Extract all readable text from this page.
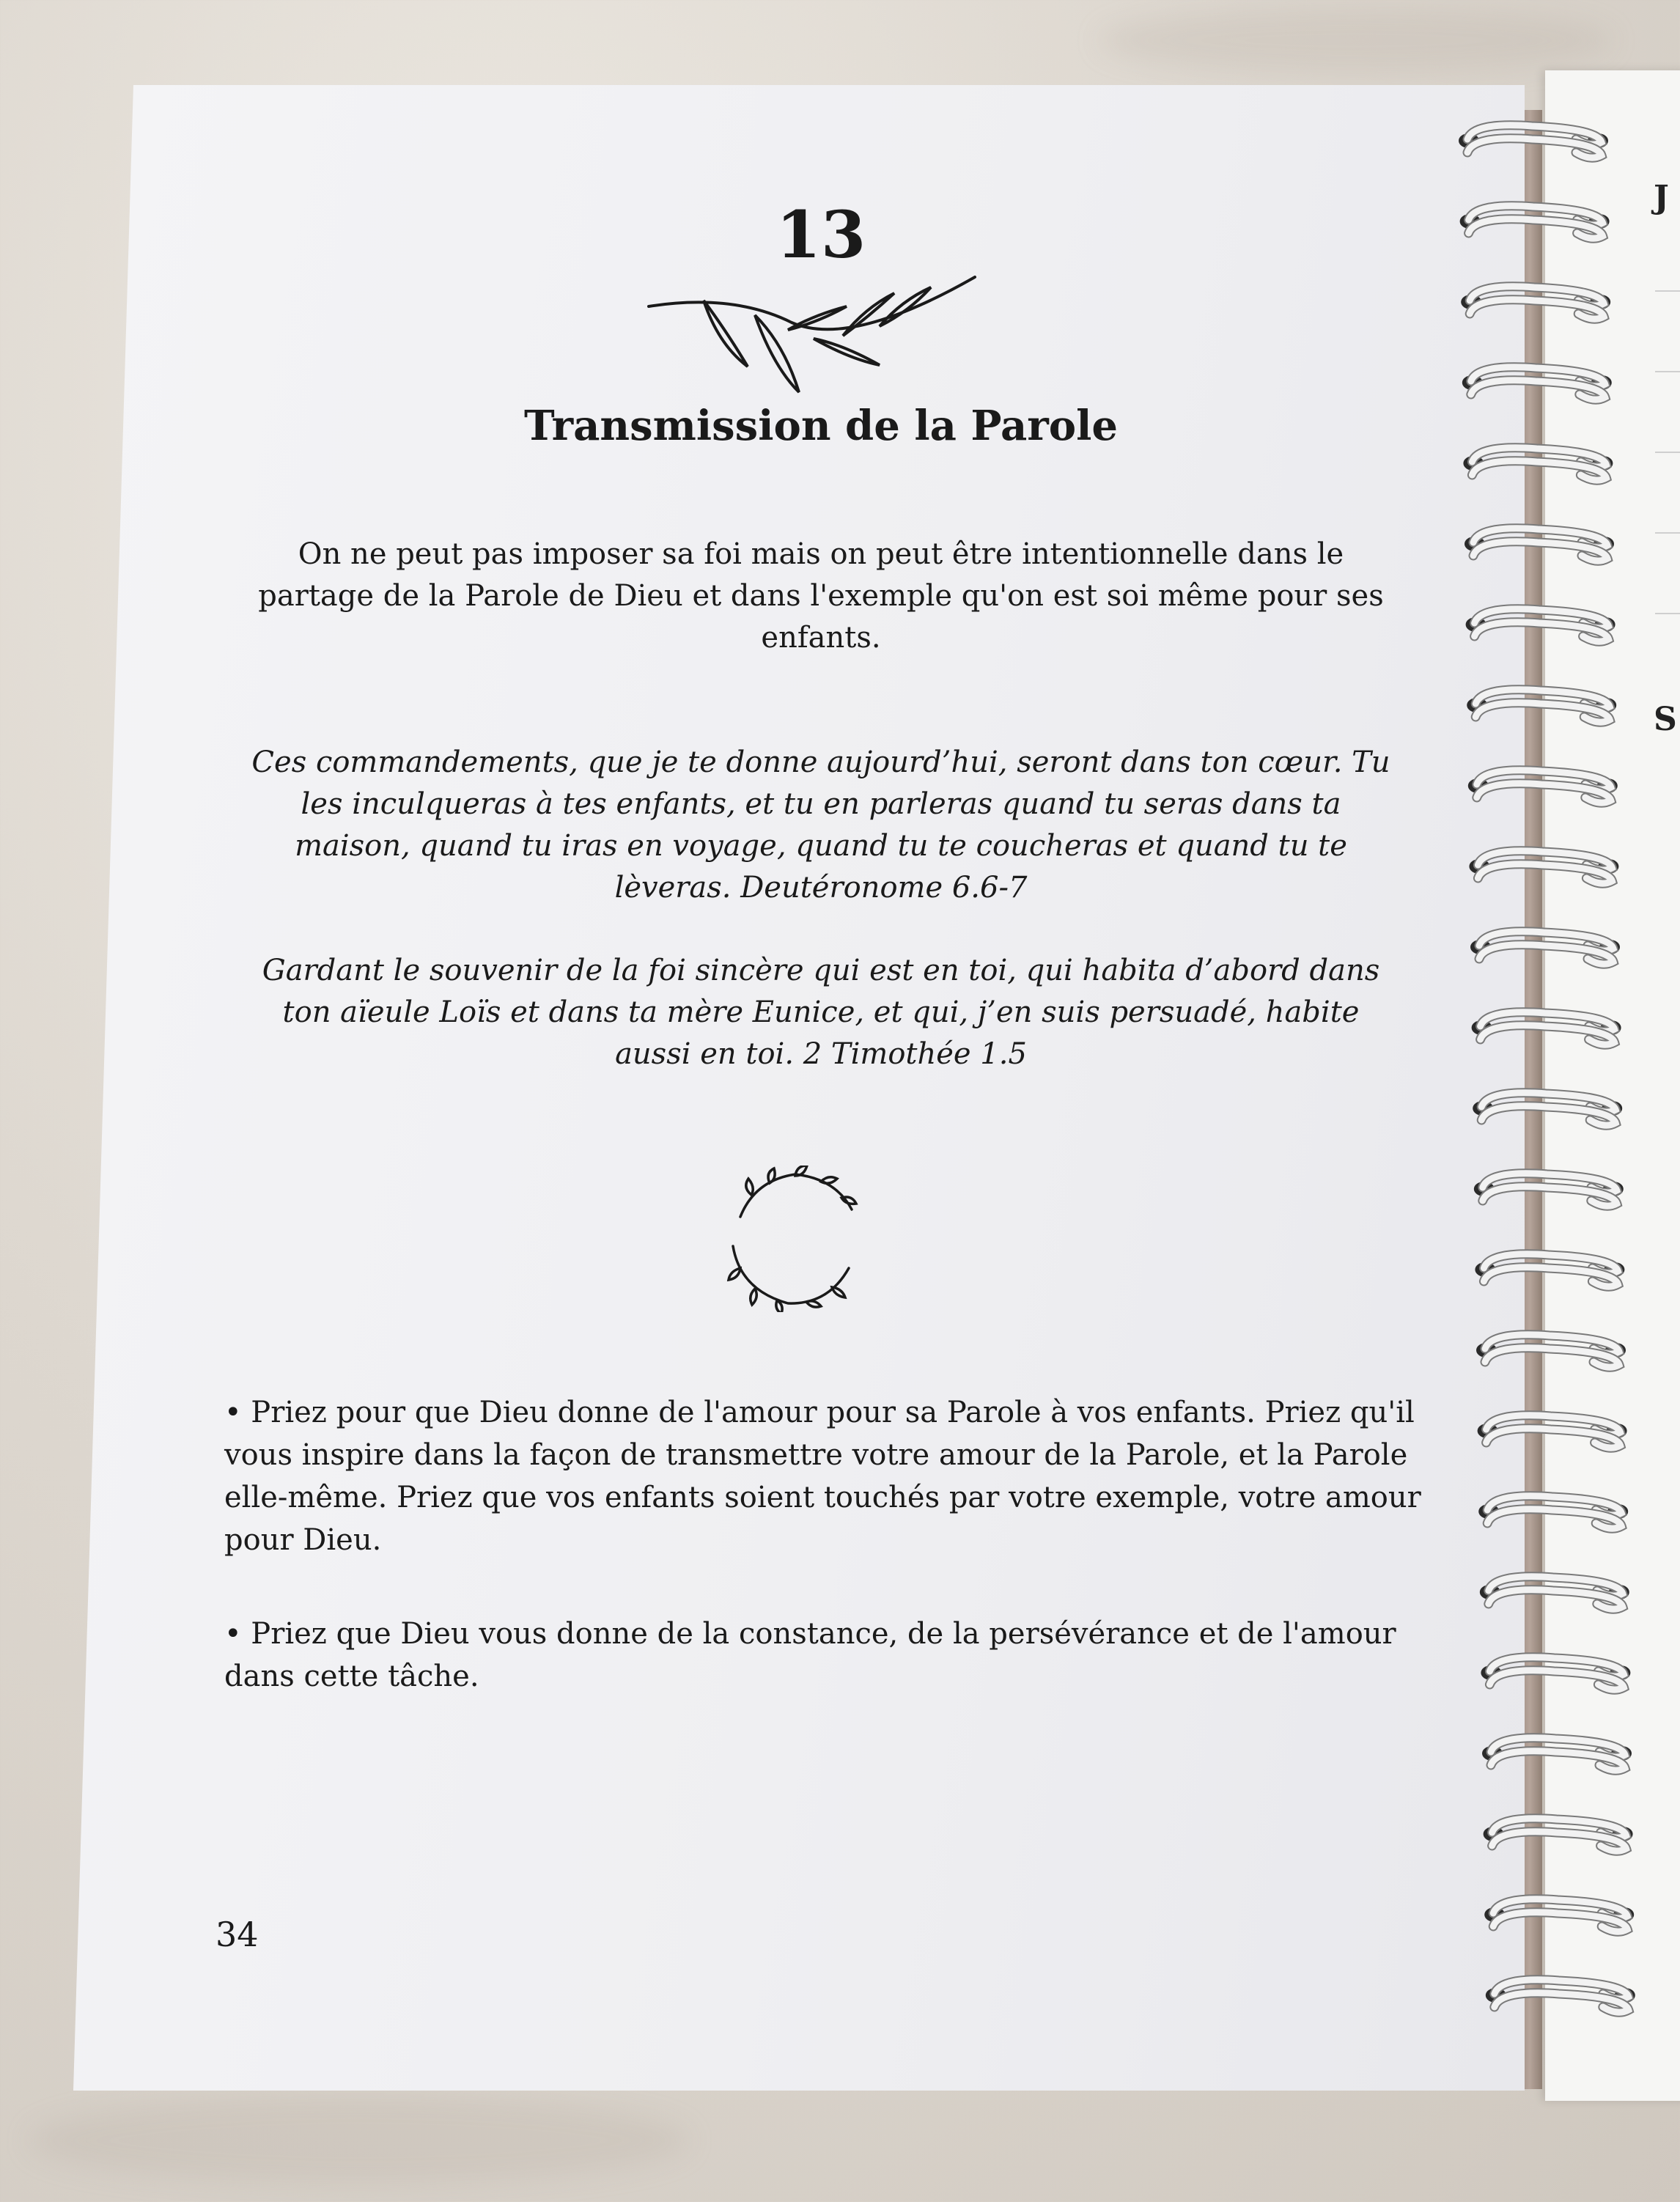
J
S
13
Transmission de la Parole
On ne peut pas imposer sa foi mais on peut être intentionnelle dans le partage de la Parole de Dieu et dans l'exemple qu'on est soi même pour ses enfants.
Ces commandements, que je te donne aujourd’hui, seront dans ton cœur. Tu les inculqueras à tes enfants, et tu en parleras quand tu seras dans ta maison, quand tu iras en voyage, quand tu te coucheras et quand tu te lèveras. Deutéronome 6.6-7
Gardant le souvenir de la foi sincère qui est en toi, qui habita d’abord dans ton aïeule Loïs et dans ta mère Eunice, et qui, j’en suis persuadé, habite aussi en toi. 2 Timothée 1.5
• Priez pour que Dieu donne de l'amour pour sa Parole à vos enfants. Priez qu'il vous inspire dans la façon de transmettre votre amour de la Parole, et la Parole elle-même. Priez que vos enfants soient touchés par votre exemple, votre amour pour Dieu.
• Priez que Dieu vous donne de la constance, de la persévérance et de l'amour dans cette tâche.
34
